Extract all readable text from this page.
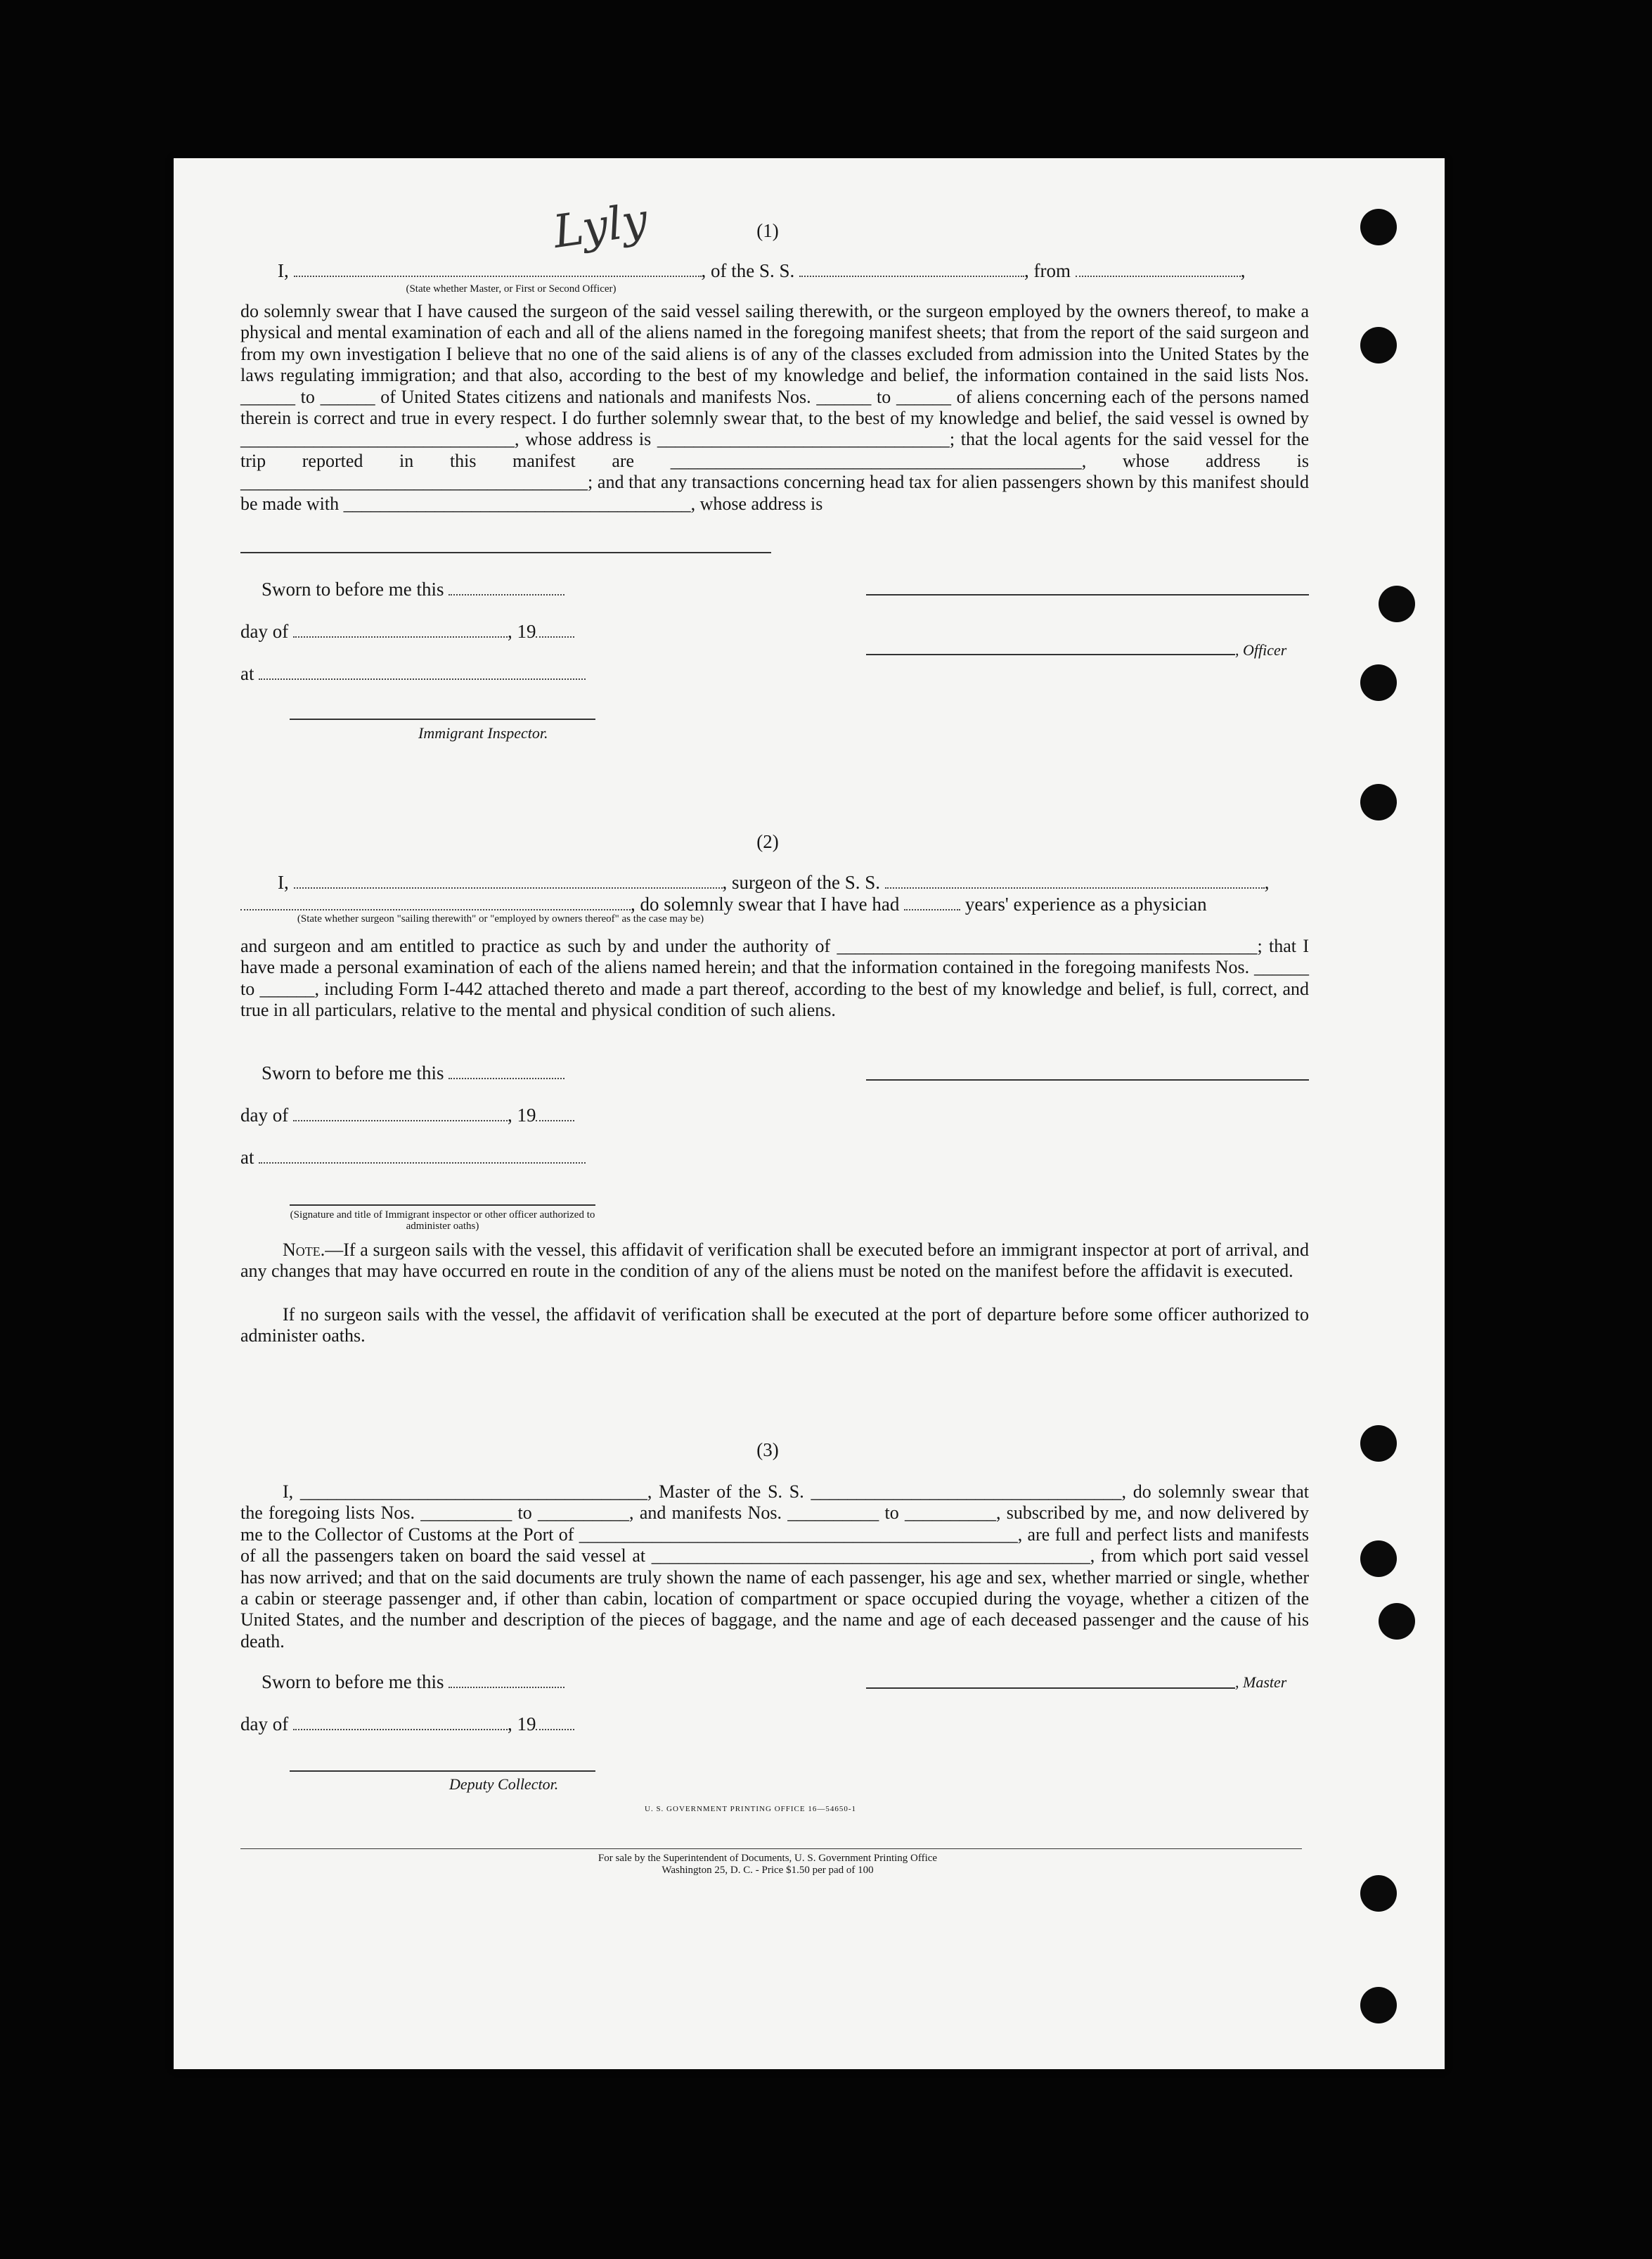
Lyly	(1)
I,	, of the S. S.	, from	,
(State whether Master, or First or Second Officer)
do solemnly swear that I have caused the surgeon of the said vessel sailing therewith, or the surgeon employed by the owners thereof, to make a physical and mental examination of each and all of the aliens named in the foregoing manifest sheets; that from the report of the said surgeon and from my own investigation I believe that no one of the said aliens is of any of the classes excluded from admission into the United States by the laws regulating immigration; and that also, according to the best of my knowledge and belief, the information contained in the said lists Nos. ______ to ______ of United States citizens and nationals and manifests Nos. ______ to ______ of aliens concerning each of the persons named therein is correct and true in every respect. I do further solemnly swear that, to the best of my knowledge and belief, the said vessel is owned by ______________________________, whose address is ________________________________; that the local agents for the said vessel for the trip reported in this manifest are _____________________________________________, whose address is ______________________________________; and that any transactions concerning head tax for alien passengers shown by this manifest should be made with ______________________________________, whose address is
Sworn to before me this
day of	, 19
, Officer
at
Immigrant Inspector.
(2)
I,	, surgeon of the S. S.	,
, do solemnly swear that I have had	years' experience as a physician
(State whether surgeon "sailing therewith" or "employed by owners thereof" as the case may be)
and surgeon and am entitled to practice as such by and under the authority of ______________________________________________; that I have made a personal examination of each of the aliens named herein; and that the information contained in the foregoing manifests Nos. ______ to ______, including Form I-442 attached thereto and made a part thereof, according to the best of my knowledge and belief, is full, correct, and true in all particulars, relative to the mental and physical condition of such aliens.
Sworn to before me this
day of	, 19
at
(Signature and title of Immigrant inspector or other officer authorized to administer oaths)
Note.—If a surgeon sails with the vessel, this affidavit of verification shall be executed before an immigrant inspector at port of arrival, and any changes that may have occurred en route in the condition of any of the aliens must be noted on the manifest before the affidavit is executed.
If no surgeon sails with the vessel, the affidavit of verification shall be executed at the port of departure before some officer authorized to administer oaths.
(3)
I, ______________________________________, Master of the S. S. __________________________________, do solemnly swear that the foregoing lists Nos. __________ to __________, and manifests Nos. __________ to __________, subscribed by me, and now delivered by me to the Collector of Customs at the Port of ________________________________________________, are full and perfect lists and manifests of all the passengers taken on board the said vessel at ________________________________________________, from which port said vessel has now arrived; and that on the said documents are truly shown the name of each passenger, his age and sex, whether married or single, whether a cabin or steerage passenger and, if other than cabin, location of compartment or space occupied during the voyage, whether a citizen of the United States, and the number and description of the pieces of baggage, and the name and age of each deceased passenger and the cause of his death.
Sworn to before me this	, Master
day of	, 19
Deputy Collector.
U. S. GOVERNMENT PRINTING OFFICE 16—54650-1
For sale by the Superintendent of Documents, U. S. Government Printing Office
Washington 25, D. C. - Price $1.50 per pad of 100
